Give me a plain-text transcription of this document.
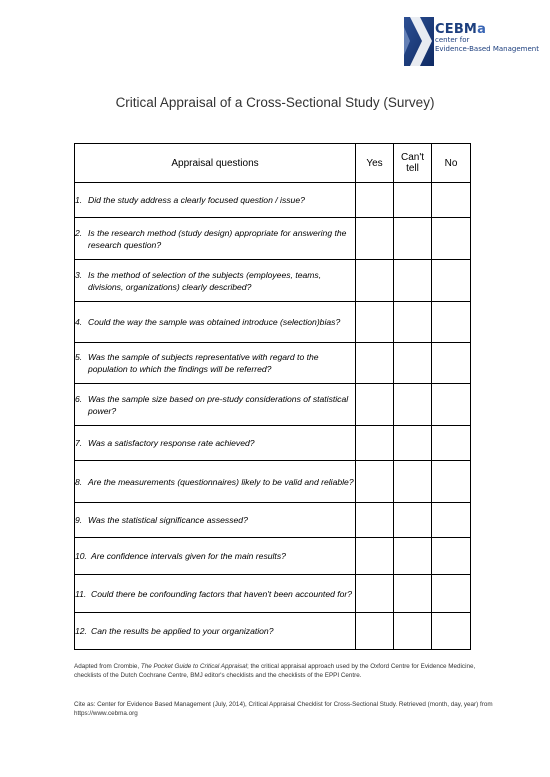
CEBMa
center for
Evidence-Based Management
Critical Appraisal of a Cross-Sectional Study (Survey)
Appraisal questions	Yes	Can't tell	No

1. Did the study address a clearly focused question / issue?			

2. Is the research method (study design) appropriate for answering the research question?			

3. Is the method of selection of the subjects (employees, teams, divisions, organizations) clearly described?			

4. Could the way the sample was obtained introduce (selection)bias?			

5. Was the sample of subjects representative with regard to the population to which the findings will be referred?			

6. Was the sample size based on pre-study considerations of statistical power?			

7. Was a satisfactory response rate achieved?			

8. Are the measurements (questionnaires) likely to be valid and reliable?			

9. Was the statistical significance assessed?			

10. Are confidence intervals given for the main results?			

11. Could there be confounding factors that haven't been accounted for?			

12. Can the results be applied to your organization?			

Adapted from Crombie, The Pocket Guide to Critical Appraisal; the critical appraisal approach used by the Oxford Centre for Evidence Medicine, checklists of the Dutch Cochrane Centre, BMJ editor's checklists and the checklists of the EPPI Centre.
Cite as: Center for Evidence Based Management (July, 2014), Critical Appraisal Checklist for Cross-Sectional Study. Retrieved (month, day, year) from https://www.cebma.org
